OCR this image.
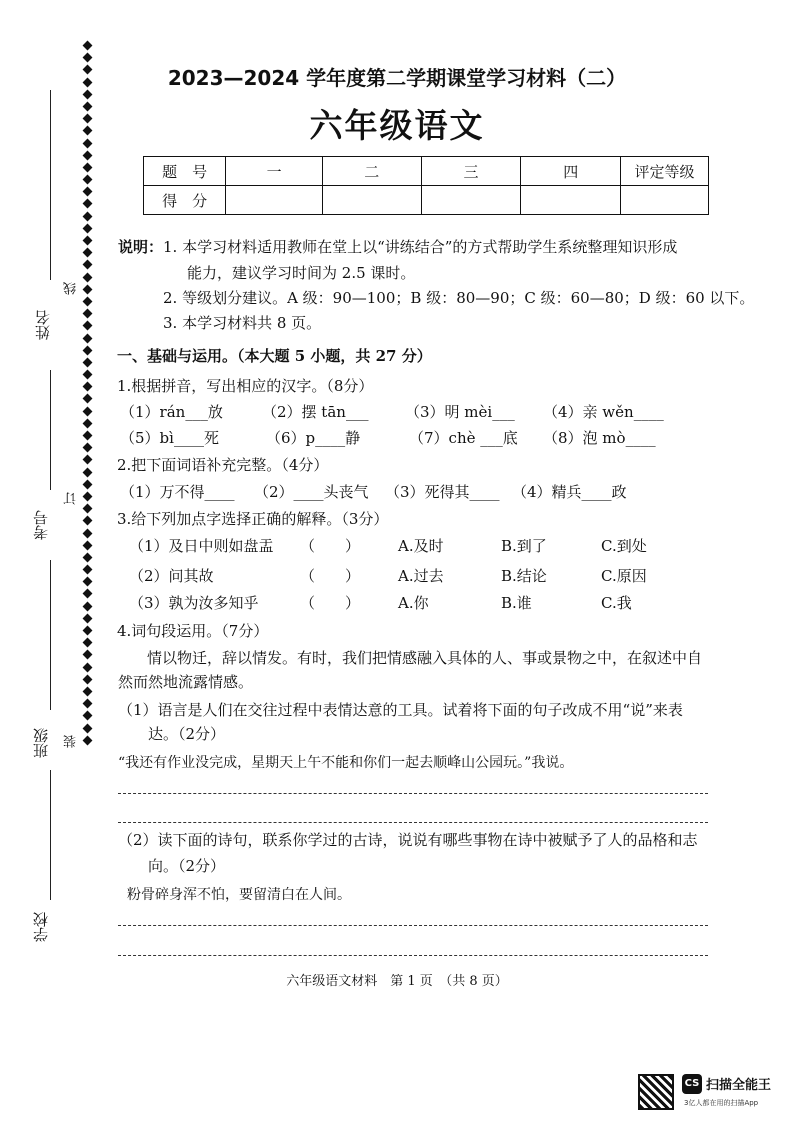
姓名
考号
班级
学校
线
订
装
2023—2024 学年度第二学期课堂学习材料（二）
六年级语文
题　号	一	二	三	四	评定等级
得　分					
说明： 1. 本学习材料适用教师在堂上以“讲练结合”的方式帮助学生系统整理知识形成
能力，建议学习时间为 2.5 课时。
2. 等级划分建议。A 级：90—100；B 级：80—90；C 级：60—80；D 级：60 以下。
3. 本学习材料共 8 页。
一、基础与运用。（本大题 5 小题，共 27 分）
1.根据拼音，写出相应的汉字。（8分）
（1）rán___放	（2）摆 tān___ （3）明 mèi___ （4）亲 wěn____
（5）bì____死	（6）p____静	（7）chè ___底 （8）泡 mò____
2.把下面词语补充完整。（4分）
（1）万不得____ （2）____头丧气 （3）死得其____ （4）精兵____政
3.给下列加点字选择正确的解释。（3分）
（1）及日中则如盘盂 （　　）	A.及时	B.到了	C.到处
（2）问其故	（　　）	A.过去	B.结论	C.原因
（3）孰为汝多知乎	（　　）	A.你	B.谁	C.我
4.词句段运用。（7分）
情以物迁，辞以情发。有时，我们把情感融入具体的人、事或景物之中，在叙述中自
然而然地流露情感。
（1）语言是人们在交往过程中表情达意的工具。试着将下面的句子改成不用“说”来表
达。（2分）
“我还有作业没完成，星期天上午不能和你们一起去顺峰山公园玩。”我说。
（2）读下面的诗句，联系你学过的古诗，说说有哪些事物在诗中被赋予了人的品格和志
向。（2分）
粉骨碎身浑不怕，要留清白在人间。
六年级语文材料　第 1 页　（共 8 页）
CS 扫描全能王
3亿人都在用的扫描App
